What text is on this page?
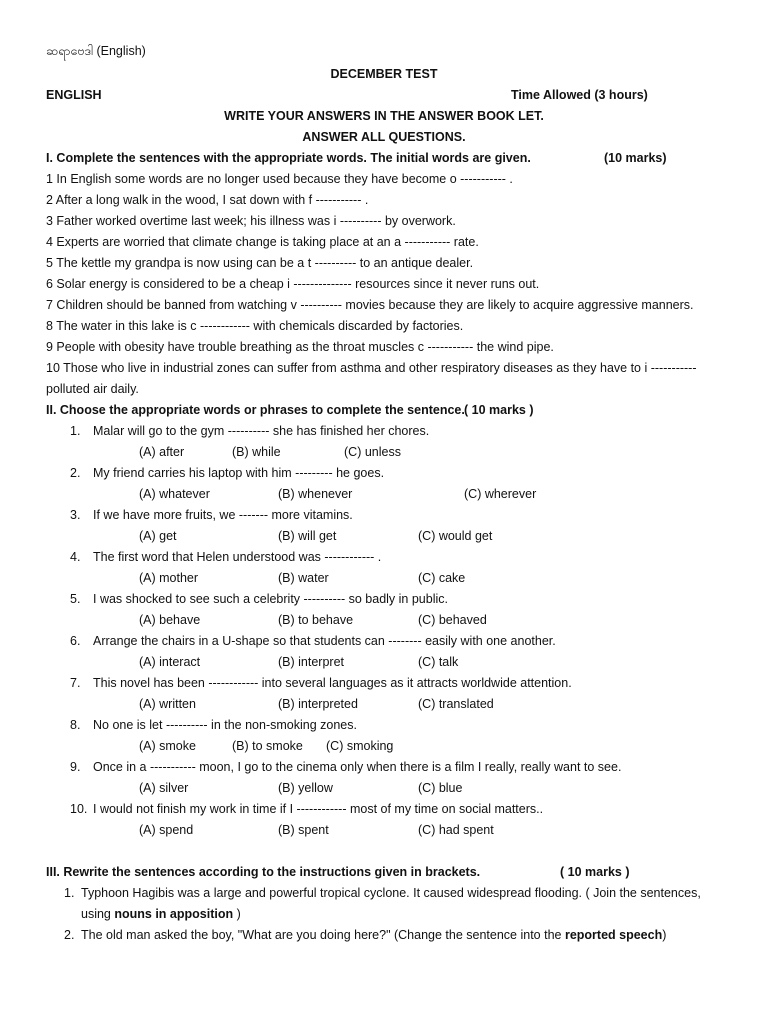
ဆရာဗေဒါ (English)
DECEMBER TEST
ENGLISH	Time Allowed (3 hours)
WRITE YOUR ANSWERS IN THE ANSWER BOOK LET.
ANSWER ALL QUESTIONS.
I. Complete the sentences with the appropriate words. The initial words are given.	(10 marks)
1 In English some words are no longer used because they have become o ----------- .
2 After a long walk in the wood, I sat down with f ----------- .
3 Father worked overtime last week; his illness was i ---------- by overwork.
4 Experts are worried that climate change is taking place at an a ----------- rate.
5 The kettle my grandpa is now using can be a t ---------- to an antique dealer.
6 Solar energy is considered to be a cheap i -------------- resources since it never runs out.
7 Children should be banned from watching v ---------- movies because they are likely to acquire aggressive manners.
8 The water in this lake is c ------------ with chemicals discarded by factories.
9 People with obesity have trouble breathing as the throat muscles c ----------- the wind pipe.
10 Those who live in industrial zones can suffer from asthma and other respiratory diseases as they have to i -----------
polluted air daily.
II. Choose the appropriate words or phrases to complete the sentence. ( 10 marks )
1. Malar will go to the gym ---------- she has finished her chores.
(A) after	(B) while	(C) unless
2. My friend carries his laptop with him --------- he goes.
(A) whatever	(B) whenever	(C) wherever
3. If we have more fruits, we ------- more vitamins.
(A) get	(B) will get	(C) would get
4. The first word that Helen understood was ------------ .
(A) mother	(B) water	(C) cake
5. I was shocked to see such a celebrity ---------- so badly in public.
(A) behave	(B) to behave	(C) behaved
6. Arrange the chairs in a U-shape so that students can -------- easily with one another.
(A) interact	(B) interpret	(C) talk
7. This novel has been ------------ into several languages as it attracts worldwide attention.
(A) written	(B) interpreted	(C) translated
8. No one is let ---------- in the non-smoking zones.
(A) smoke	(B) to smoke (C) smoking
9. Once in a ----------- moon, I go to the cinema only when there is a film I really, really want to see.
(A) silver	(B) yellow	(C) blue
10. I would not finish my work in time if I ------------ most of my time on social matters..
(A) spend	(B) spent	(C) had spent
III. Rewrite the sentences according to the instructions given in brackets.	( 10 marks )
1. Typhoon Hagibis was a large and powerful tropical cyclone. It caused widespread flooding. ( Join the sentences,
using nouns in apposition )
2. The old man asked the boy, "What are you doing here?" (Change the sentence into the reported speech)
